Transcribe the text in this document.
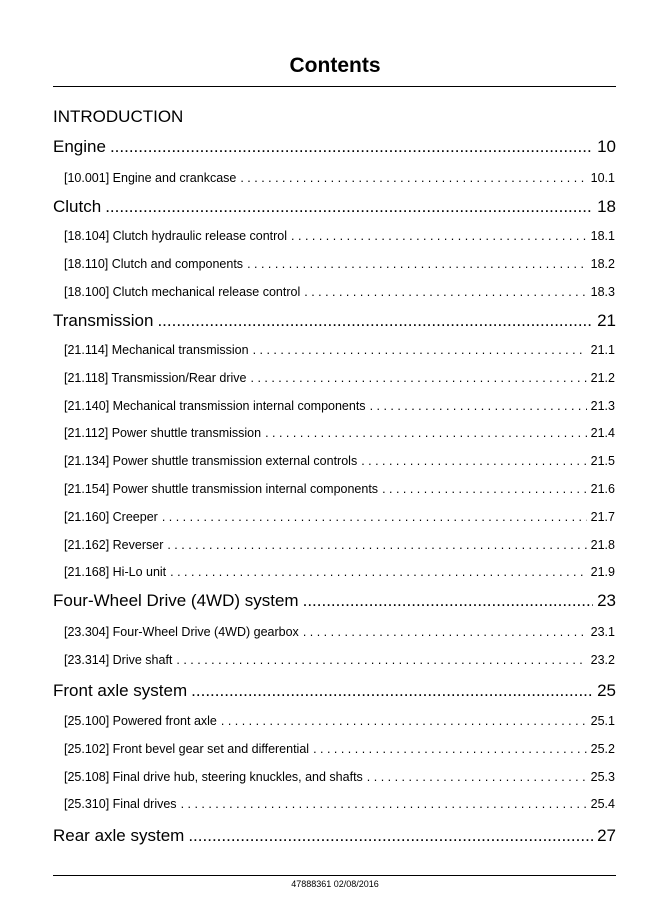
Contents
INTRODUCTION
Engine .....	10
[10.001] Engine and crankcase . . .	10.1
Clutch .....	18
[18.104] Clutch hydraulic release control . . .	18.1
[18.110] Clutch and components . . .	18.2
[18.100] Clutch mechanical release control . . .	18.3
Transmission .....	21
[21.114] Mechanical transmission . . .	21.1
[21.118] Transmission/Rear drive . . .	21.2
[21.140] Mechanical transmission internal components . . .	21.3
[21.112] Power shuttle transmission . . .	21.4
[21.134] Power shuttle transmission external controls . . .	21.5
[21.154] Power shuttle transmission internal components . . .	21.6
[21.160] Creeper . . .	21.7
[21.162] Reverser . . .	21.8
[21.168] Hi-Lo unit . . .	21.9
Four-Wheel Drive (4WD) system .....	23
[23.304] Four-Wheel Drive (4WD) gearbox . . .	23.1
[23.314] Drive shaft . . .	23.2
Front axle system .....	25
[25.100] Powered front axle . . .	25.1
[25.102] Front bevel gear set and differential . . .	25.2
[25.108] Final drive hub, steering knuckles, and shafts . . .	25.3
[25.310] Final drives . . .	25.4
Rear axle system .....	27
47888361 02/08/2016
